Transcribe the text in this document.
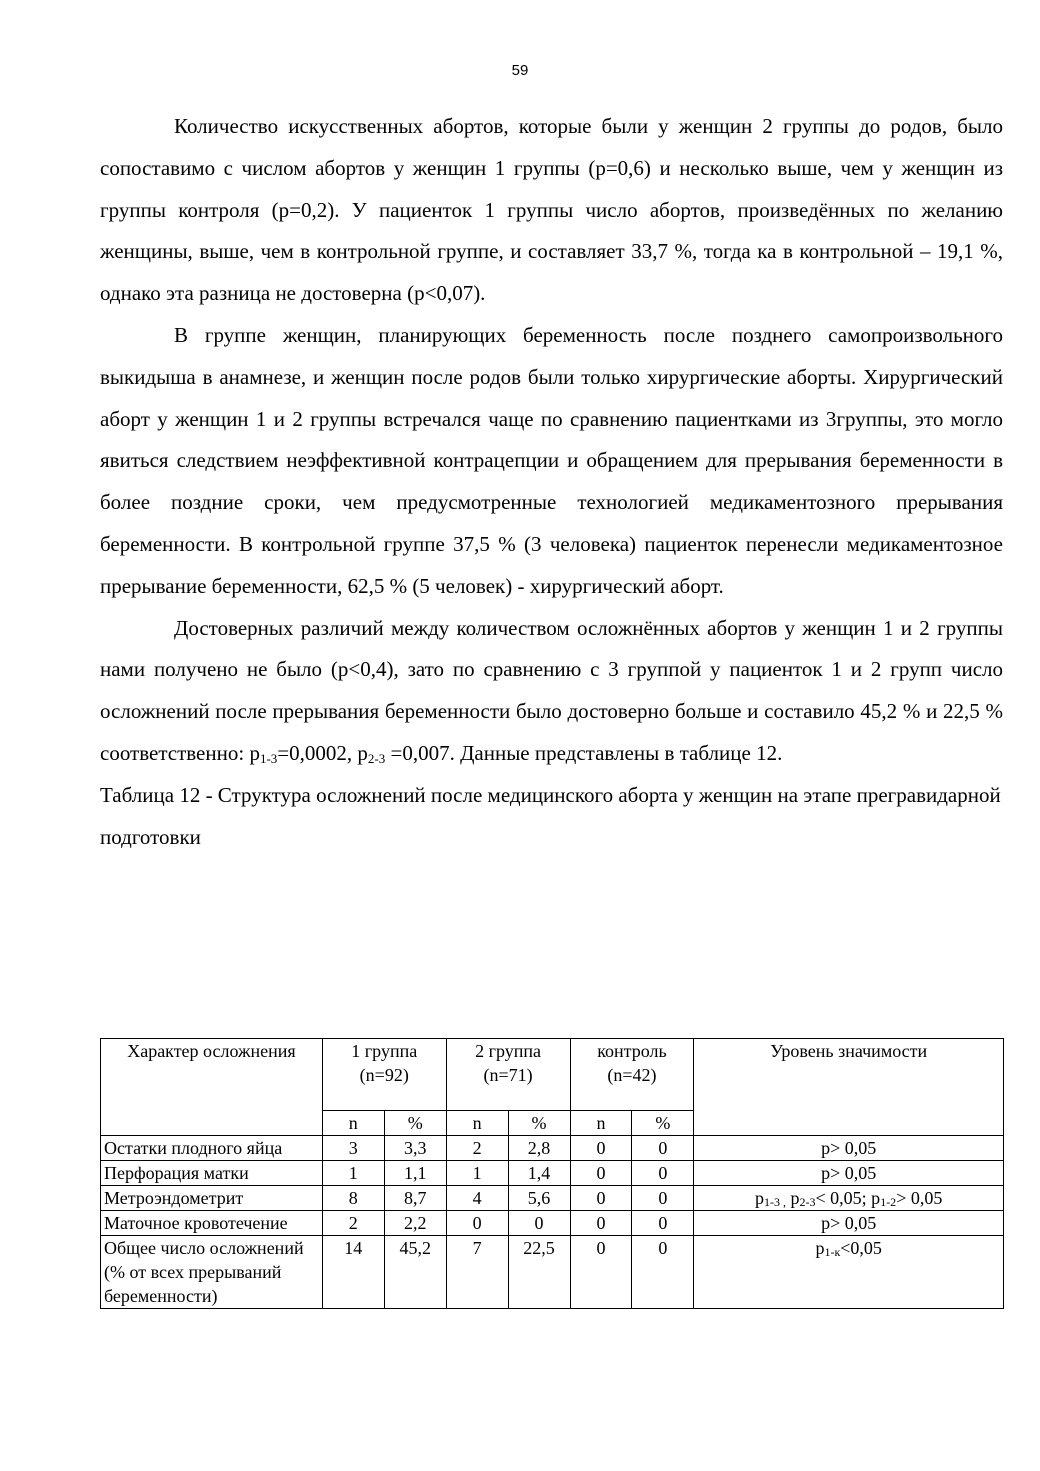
59

Количество искусственных абортов, которые были у женщин 2 группы до родов, было сопоставимо с числом абортов у женщин 1 группы (p=0,6) и несколько выше, чем у женщин из группы контроля (p=0,2). У пациенток 1 группы число абортов, произведённых по желанию женщины, выше, чем в контрольной группе, и составляет 33,7 %, тогда ка в контрольной – 19,1 %, однако эта разница не достоверна (p<0,07).

В группе женщин, планирующих беременность после позднего самопроизвольного выкидыша в анамнезе, и женщин после родов были только хирургические аборты. Хирургический аборт у женщин 1 и 2 группы встречался чаще по сравнению пациентками из 3группы, это могло явиться следствием неэффективной контрацепции и обращением для прерывания беременности в более поздние сроки, чем предусмотренные технологией медикаментозного прерывания беременности. В контрольной группе 37,5 % (3 человека) пациенток перенесли медикаментозное прерывание беременности, 62,5 % (5 человек) - хирургический аборт.

Достоверных различий между количеством осложнённых абортов у женщин 1 и 2 группы нами получено не было (p<0,4), зато по сравнению с 3 группой у пациенток 1 и 2 групп число осложнений после прерывания беременности было достоверно больше и составило 45,2 % и 22,5 % соответственно: $p_{1-3}=0,0002$, $p_{2-3} =0,007$. Данные представлены в таблице 12.

Таблица 12 - Структура осложнений после медицинского аборта у женщин на этапе прегравидарной подготовки

Характер осложнения	1 группа (n=92)		2 группа (n=71)		контроль (n=42)		Уровень значимости
	n	%	n	%	n	%	
Остатки плодного яйца	3	3,3	2	2,8	0	0	p> 0,05
Перфорация матки	1	1,1	1	1,4	0	0	p> 0,05
Метроэндометрит	8	8,7	4	5,6	0	0	$p_{1-3 ,}$ $p_{2-3}< 0,05$; $p_{1-2}> 0,05$
Маточное кровотечение	2	2,2	0	0	0	0	p> 0,05
Общее число осложнений (% от всех прерываний беременности)	14	45,2	7	22,5	0	0	$p_{1-к}<0,05$
